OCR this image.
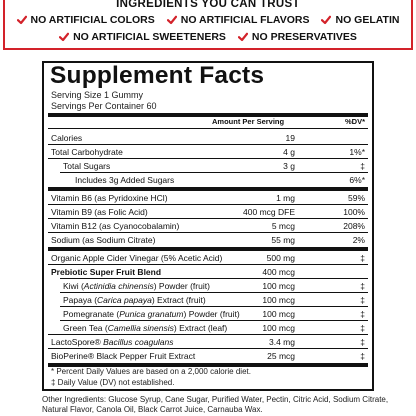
INGREDIENTS YOU CAN TRUST
NO ARTIFICIAL COLORS NO ARTIFICIAL FLAVORS NO GELATIN
NO ARTIFICIAL SWEETENERS NO PRESERVATIVES
Supplement Facts
Serving Size 1 Gummy
Servings Per Container 60
Amount Per Serving	%DV*
Calories	19
Total Carbohydrate	4 g	1%*
Total Sugars	3 g	‡
Includes 3g Added Sugars	6%*
Vitamin B6 (as Pyridoxine HCl)	1 mg	59%
Vitamin B9 (as Folic Acid)	400 mcg DFE	100%
Vitamin B12 (as Cyanocobalamin)	5 mcg	208%
Sodium (as Sodium Citrate)	55 mg	2%
Organic Apple Cider Vinegar (5% Acetic Acid)	500 mg	‡
Prebiotic Super Fruit Blend	400 mcg
Kiwi (Actinidia chinensis) Powder (fruit)	100 mcg	‡
Papaya (Carica papaya) Extract (fruit)	100 mcg	‡
Pomegranate (Punica granatum) Powder (fruit)	100 mcg	‡
Green Tea (Camellia sinensis) Extract (leaf)	100 mcg	‡
LactoSpore® Bacillus coagulans	3.4 mg	‡
BioPerine® Black Pepper Fruit Extract	25 mcg	‡
* Percent Daily Values are based on a 2,000 calorie diet.
‡ Daily Value (DV) not established.
Other Ingredients: Glucose Syrup, Cane Sugar, Purified Water, Pectin, Citric Acid, Sodium Citrate, Natural Flavor, Canola Oil, Black Carrot Juice, Carnauba Wax.
